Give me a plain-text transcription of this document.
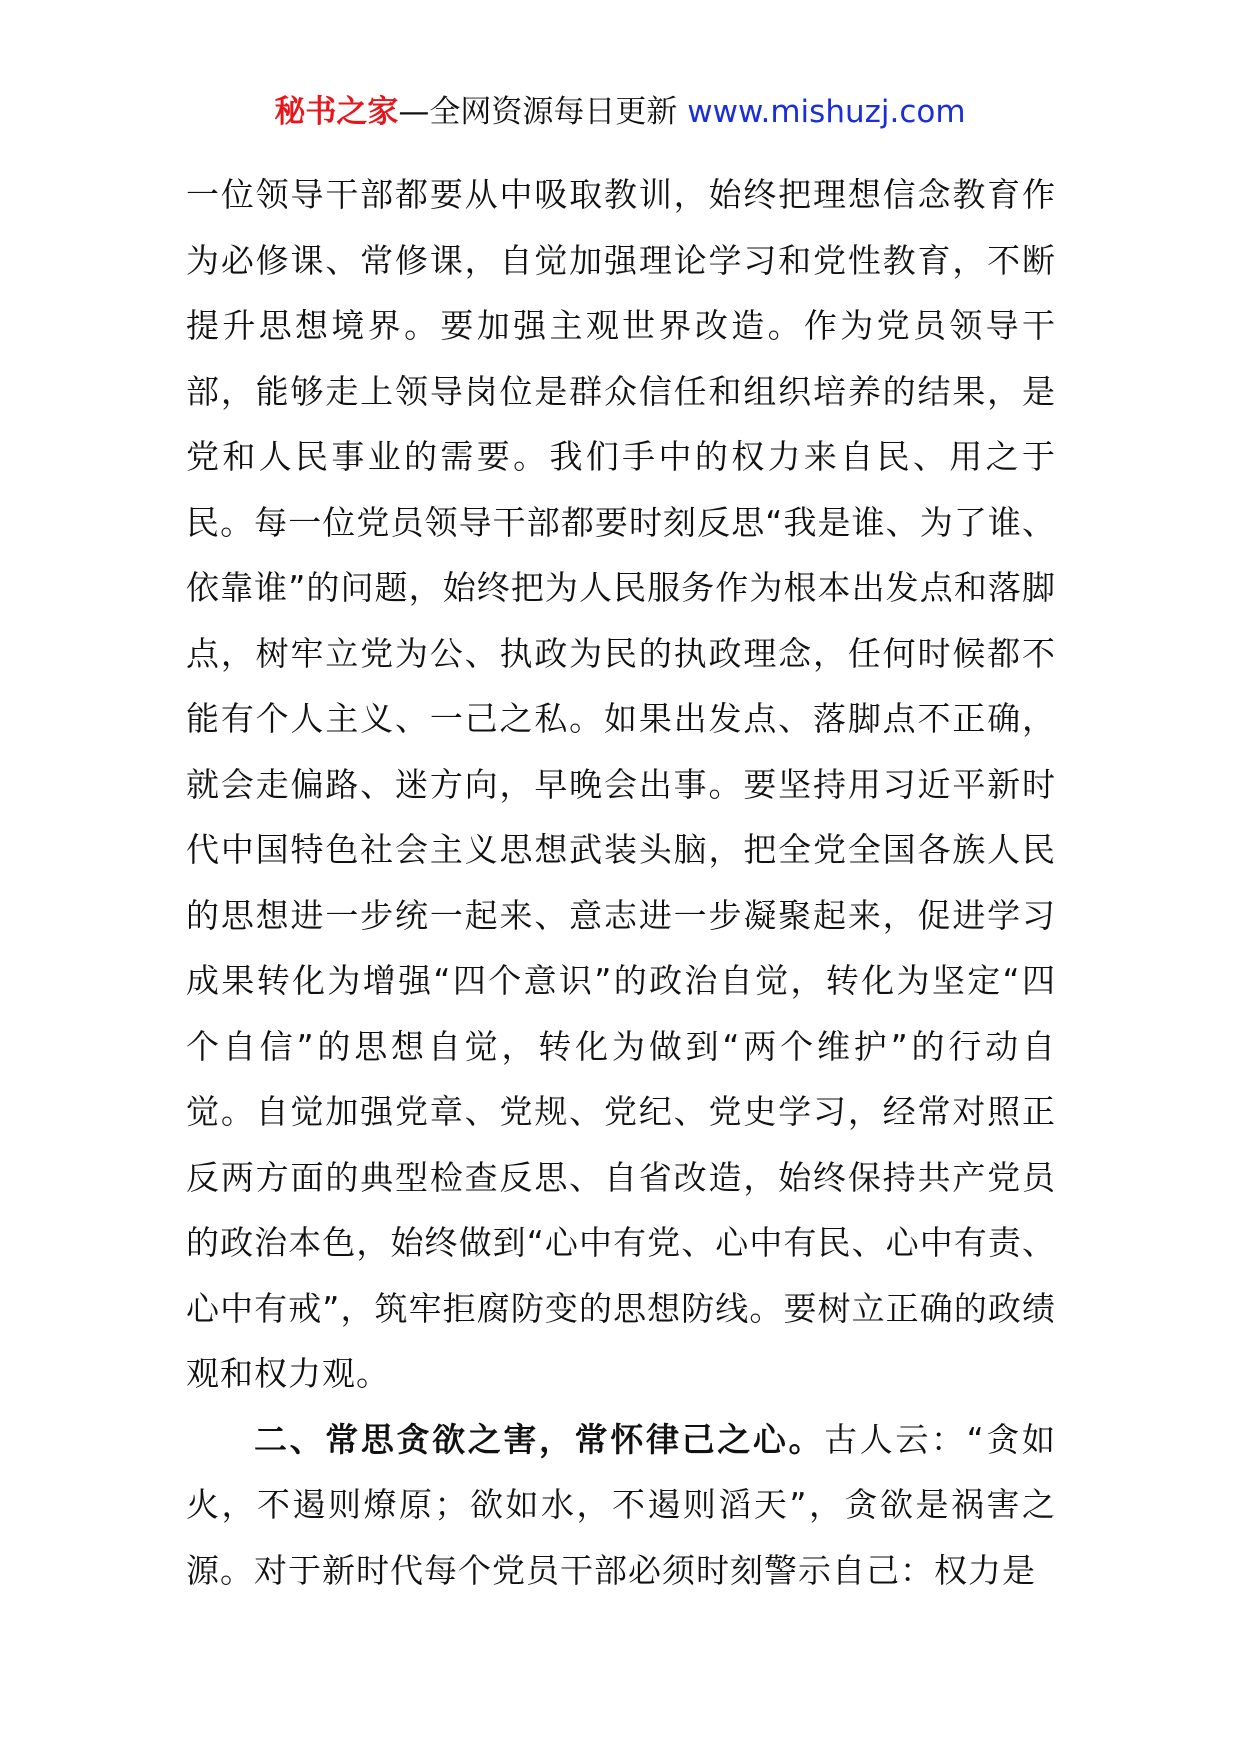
秘书之家—全网资源每日更新 www.mishuzj.com

一位领导干部都要从中吸取教训，始终把理想信念教育作为必修课、常修课，自觉加强理论学习和党性教育，不断提升思想境界。要加强主观世界改造。作为党员领导干部，能够走上领导岗位是群众信任和组织培养的结果，是党和人民事业的需要。我们手中的权力来自民、用之于民。每一位党员领导干部都要时刻反思“我是谁、为了谁、依靠谁”的问题，始终把为人民服务作为根本出发点和落脚点，树牢立党为公、执政为民的执政理念，任何时候都不能有个人主义、一己之私。如果出发点、落脚点不正确，就会走偏路、迷方向，早晚会出事。要坚持用习近平新时代中国特色社会主义思想武装头脑，把全党全国各族人民的思想进一步统一起来、意志进一步凝聚起来，促进学习成果转化为增强“四个意识”的政治自觉，转化为坚定“四个自信”的思想自觉，转化为做到“两个维护”的行动自觉。自觉加强党章、党规、党纪、党史学习，经常对照正反两方面的典型检查反思、自省改造，始终保持共产党员的政治本色，始终做到“心中有党、心中有民、心中有责、心中有戒”，筑牢拒腐防变的思想防线。要树立正确的政绩观和权力观。

二、常思贪欲之害，常怀律己之心。古人云：“贪如火，不遏则燎原；欲如水，不遏则滔天”，贪欲是祸害之源。对于新时代每个党员干部必须时刻警示自己：权力是
